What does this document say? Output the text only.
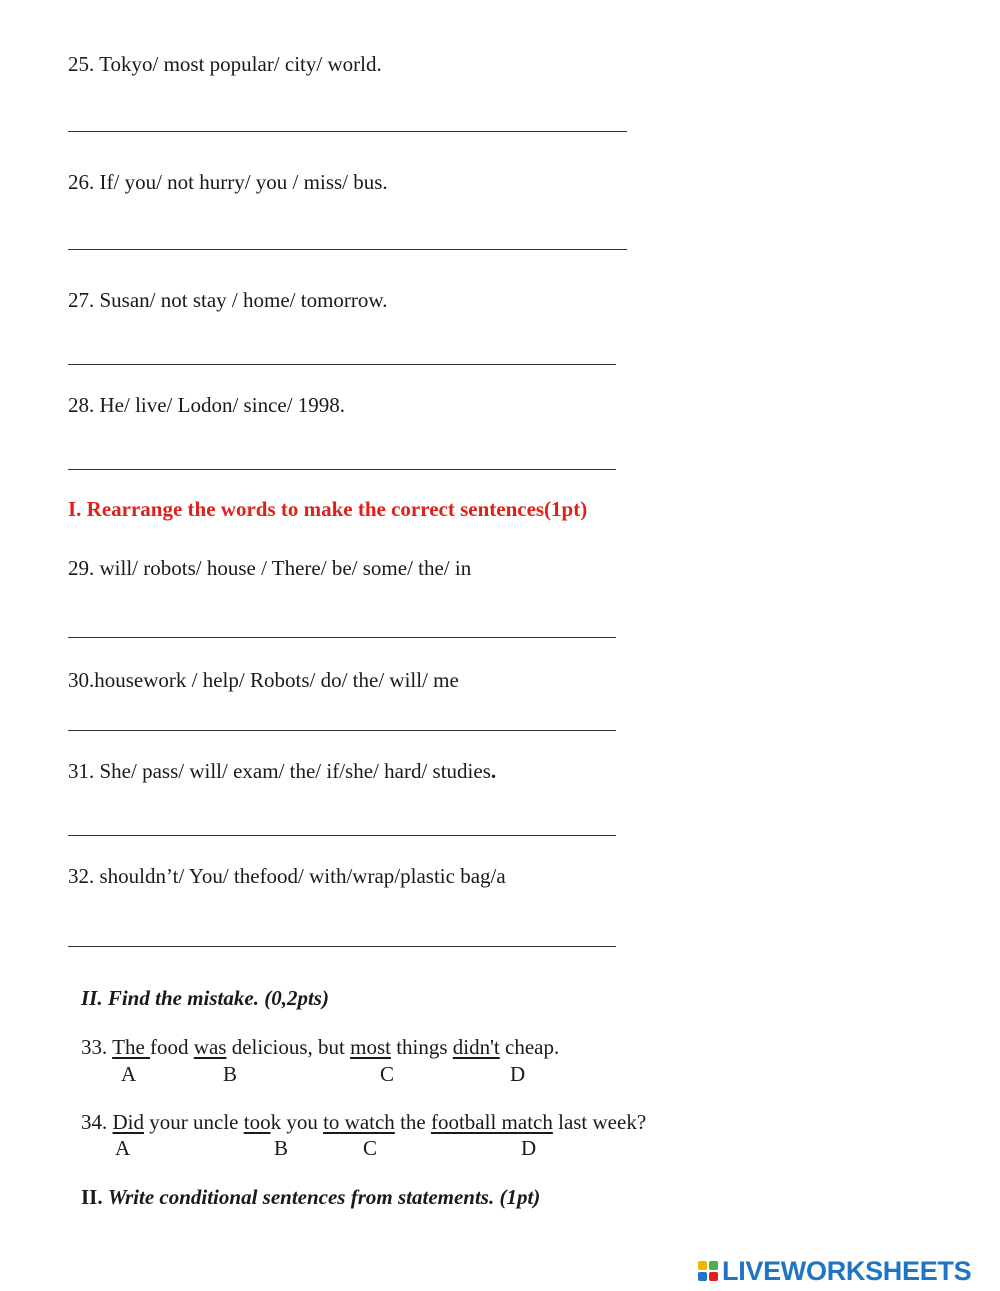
25. Tokyo/ most popular/ city/ world.
26. If/ you/ not hurry/ you / miss/ bus.
27. Susan/ not stay / home/ tomorrow.
28. He/ live/ Lodon/ since/ 1998.
I. Rearrange the words to make the correct sentences(1pt)
29. will/ robots/ house / There/ be/ some/ the/ in
30.housework / help/ Robots/ do/ the/ will/ me
31. She/ pass/ will/ exam/ the/ if/she/ hard/ studies.
32. shouldn’t/ You/ thefood/ with/wrap/plastic bag/a
II. Find the mistake. (0,2pts)
33. The food was delicious, but most things didn't cheap.
A	B	C	D
34. Did your uncle took you to watch the football match last week?
A	B	C	D
II. Write conditional sentences from statements. (1pt)
LIVEWORKSHEETS
